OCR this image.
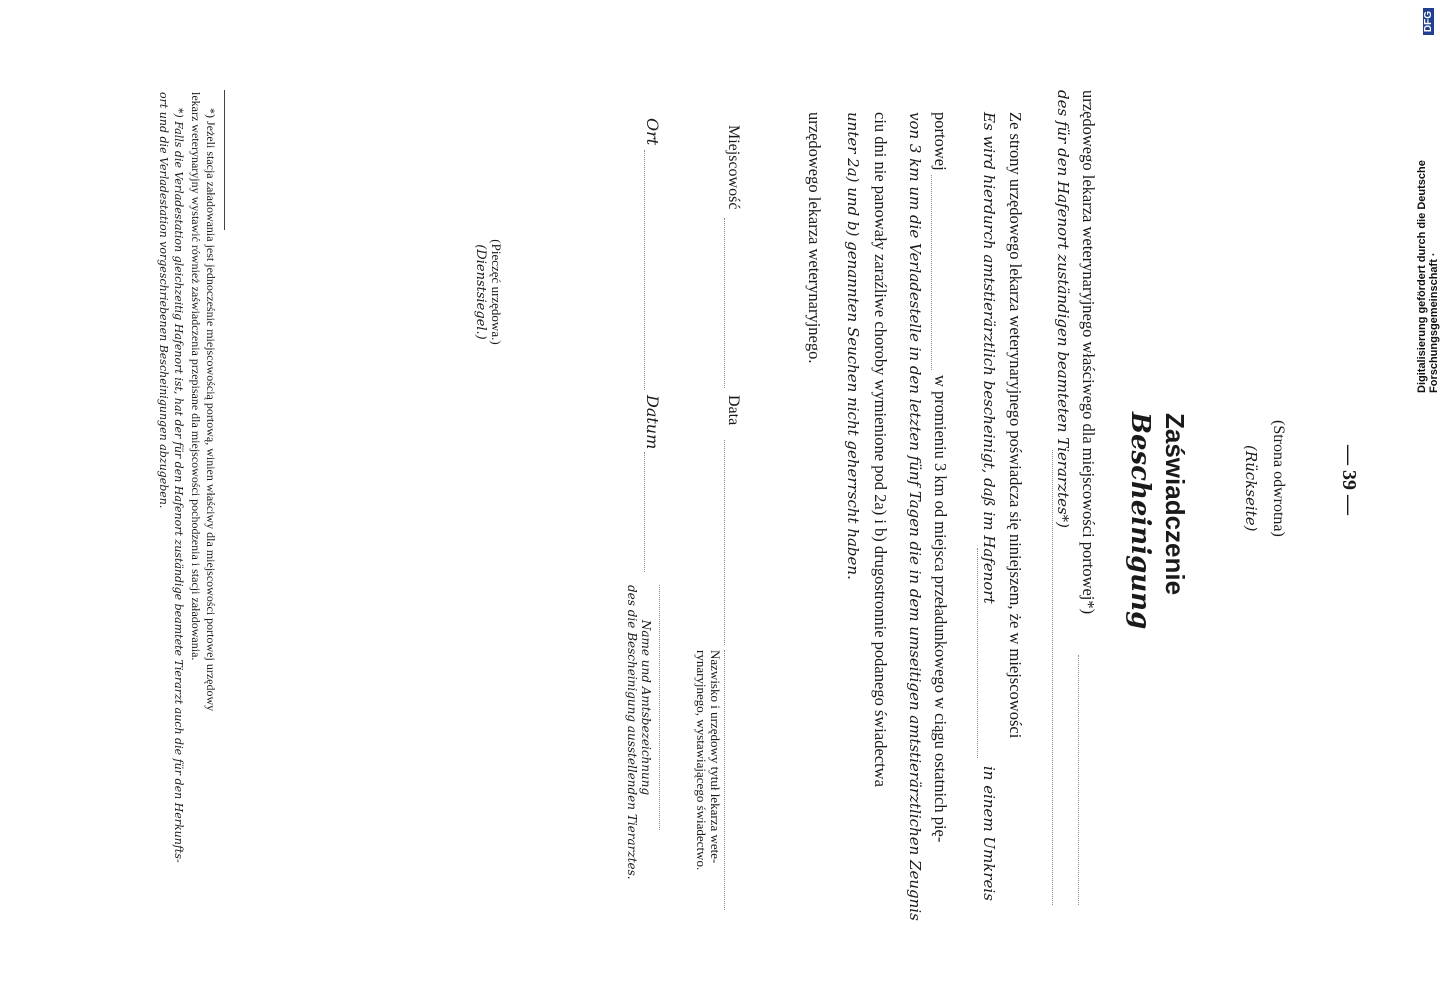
— 39 —
(Strona odwrotna)
(Rückseite)
Zaświadczenie
Bescheinigung
urzędowego lekarza weterynaryjnego właściwego dla miejscowości portowej*)
des für den Hafenort zuständigen beamteten Tierarztes*)
Ze strony urzędowego lekarza weterynaryjnego poświadcza się niniejszem, że w miejscowości
Es wird hierdurch amtstierärztlich bescheinigt, daß im Hafenort
in einem Umkreis
portowej
w promieniu 3 km od miejsca przeładunkowego w ciągu ostatnich pię-
von 3 km um die Verladestelle in den letzten fünf Tagen die in dem umseitigen amtstierärztlichen Zeugnis
ciu dni nie panowały zaraźliwe choroby wymienione pod 2a) i b) drugostronnie podanego świadectwa
unter 2a) und b) genannten Seuchen nicht geherrscht haben.
urzędowego lekarza weterynaryjnego.
Miejscowość
Data
Nazwisko i urzędowy tytuł lekarza wete-
rynaryjnego, wystawiającego świadectwo.
Name und Amtsbezeichnung
des die Bescheinigung ausstellenden Tierarztes.
Ort
Datum
(Pieczęć urzędowa.)
(Dienstsiegel.)
*) Jeżeli stacja załadowania jest jednocześnie miejscowością portową, winien właściwy dla miejscowości portowej urzędowy
lekarz weterynaryjny wystawić również zaświadczenia przepisane dla miejscowości pochodzenia i stacji załadowania.
*) Falls die Verladestation gleichzeitig Hafenort ist, hat der für den Hafenort zuständige beamtete Tierarzt auch die für den Herkunfts-
ort und die Verladestation vorgeschriebenen Bescheinigungen abzugeben.	Digitalisierung gefördert durch die Deutsche Forschungsgemeinschaft ·
DFG
